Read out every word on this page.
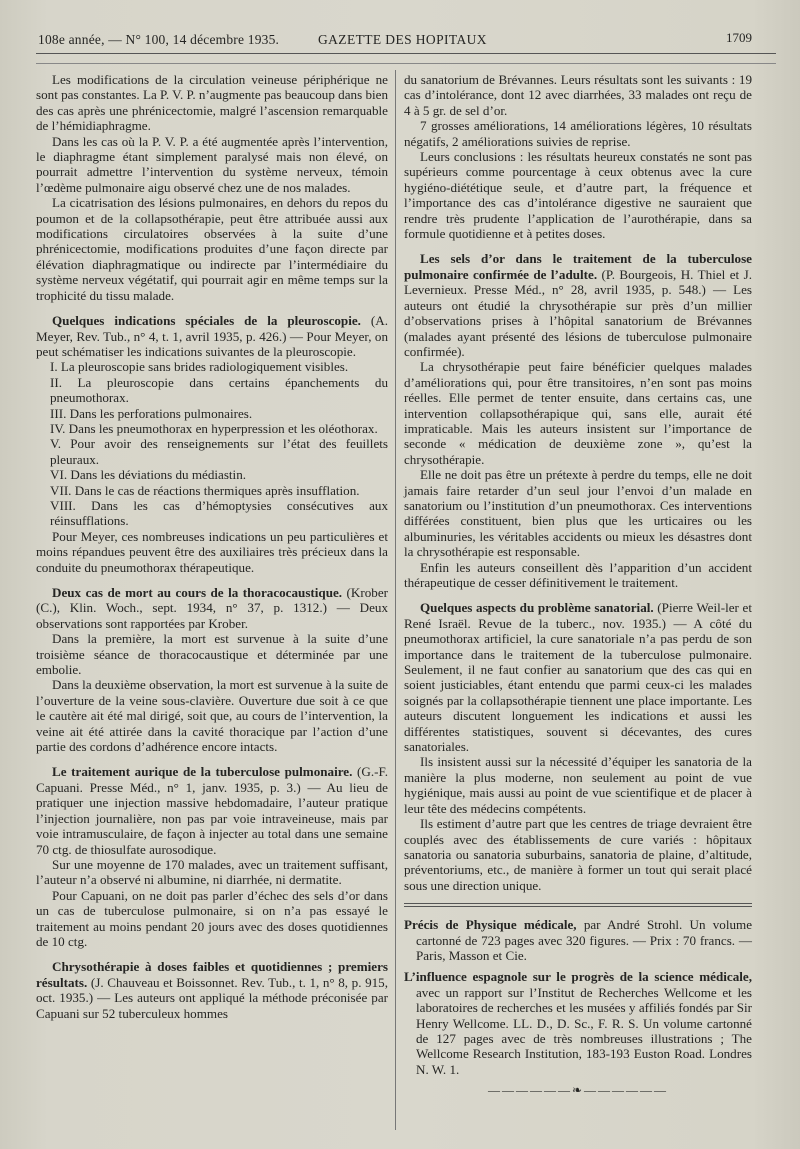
108e année, — N° 100, 14 décembre 1935.	GAZETTE DES HOPITAUX	1709

Les modifications de la circulation veineuse périphérique ne sont pas constantes. La P. V. P. n’augmente pas beaucoup dans bien des cas après une phrénicectomie, malgré l’ascension remarquable de l’hémidiaphragme.

Dans les cas où la P. V. P. a été augmentée après l’intervention, le diaphragme étant simplement paralysé mais non élevé, on pourrait admettre l’intervention du système nerveux, témoin l’œdème pulmonaire aigu observé chez une de nos malades.

La cicatrisation des lésions pulmonaires, en dehors du repos du poumon et de la collapsothérapie, peut être attribuée aussi aux modifications circulatoires observées à la suite d’une phrénicectomie, modifications produites d’une façon directe par élévation diaphragmatique ou indirecte par l’intermédiaire du système nerveux végétatif, qui pourrait agir en même temps sur la trophicité du tissu malade.

Quelques indications spéciales de la pleuroscopie. (A. Meyer, Rev. Tub., n° 4, t. 1, avril 1935, p. 426.) — Pour Meyer, on peut schématiser les indications suivantes de la pleuroscopie.

I. La pleuroscopie sans brides radiologiquement visibles.

II. La pleuroscopie dans certains épanchements du pneumothorax.

III. Dans les perforations pulmonaires.

IV. Dans les pneumothorax en hyperpression et les oléothorax.

V. Pour avoir des renseignements sur l’état des feuillets pleuraux.

VI. Dans les déviations du médiastin.

VII. Dans le cas de réactions thermiques après insufflation.

VIII. Dans les cas d’hémoptysies consécutives aux réinsufflations.

Pour Meyer, ces nombreuses indications un peu particulières et moins répandues peuvent être des auxiliaires très précieux dans la conduite du pneumothorax thérapeutique.

Deux cas de mort au cours de la thoracocaustique. (Krober (C.), Klin. Woch., sept. 1934, n° 37, p. 1312.) — Deux observations sont rapportées par Krober.

Dans la première, la mort est survenue à la suite d’une troisième séance de thoracocaustique et déterminée par une embolie.

Dans la deuxième observation, la mort est survenue à la suite de l’ouverture de la veine sous-clavière. Ouverture due soit à ce que le cautère ait été mal dirigé, soit que, au cours de l’intervention, la veine ait été attirée dans la cavité thoracique par l’action d’une partie des cordons d’adhérence encore intacts.

Le traitement aurique de la tuberculose pulmonaire. (G.-F. Capuani. Presse Méd., n° 1, janv. 1935, p. 3.) — Au lieu de pratiquer une injection massive hebdomadaire, l’auteur pratique l’injection journalière, non pas par voie intraveineuse, mais par voie intramusculaire, de façon à injecter au total dans une semaine 70 ctg. de thiosulfate aurosodique.

Sur une moyenne de 170 malades, avec un traitement suffisant, l’auteur n’a observé ni albumine, ni diarrhée, ni dermatite.

Pour Capuani, on ne doit pas parler d’échec des sels d’or dans un cas de tuberculose pulmonaire, si on n’a pas essayé le traitement au moins pendant 20 jours avec des doses quotidiennes de 10 ctg.

Chrysothérapie à doses faibles et quotidiennes ; premiers résultats. (J. Chauveau et Boissonnet. Rev. Tub., t. 1, n° 8, p. 915, oct. 1935.) — Les auteurs ont appliqué la méthode préconisée par Capuani sur 52 tuberculeux hommes

du sanatorium de Brévannes. Leurs résultats sont les suivants : 19 cas d’intolérance, dont 12 avec diarrhées, 33 malades ont reçu de 4 à 5 gr. de sel d’or.

7 grosses améliorations, 14 améliorations légères, 10 résultats négatifs, 2 améliorations suivies de reprise.

Leurs conclusions : les résultats heureux constatés ne sont pas supérieurs comme pourcentage à ceux obtenus avec la cure hygiéno-diététique seule, et d’autre part, la fréquence et l’importance des cas d’intolérance digestive ne sauraient que rendre très prudente l’application de l’aurothérapie, dans sa formule quotidienne et à petites doses.

Les sels d’or dans le traitement de la tuberculose pulmonaire confirmée de l’adulte. (P. Bourgeois, H. Thiel et J. Levernieux. Presse Méd., n° 28, avril 1935, p. 548.) — Les auteurs ont étudié la chrysothérapie sur près d’un millier d’observations prises à l’hôpital sanatorium de Brévannes (malades ayant présenté des lésions de tuberculose pulmonaire confirmée).

La chrysothérapie peut faire bénéficier quelques malades d’améliorations qui, pour être transitoires, n’en sont pas moins réelles. Elle permet de tenter ensuite, dans certains cas, une intervention collapsothérapique qui, sans elle, aurait été impraticable. Mais les auteurs insistent sur l’importance de seconde « médication de deuxième zone », qu’est la chrysothérapie.

Elle ne doit pas être un prétexte à perdre du temps, elle ne doit jamais faire retarder d’un seul jour l’envoi d’un malade en sanatorium ou l’institution d’un pneumothorax. Ces interventions différées constituent, bien plus que les urticaires ou les albuminuries, les véritables accidents ou mieux les désastres dont la chrysothérapie est responsable.

Enfin les auteurs conseillent dès l’apparition d’un accident thérapeutique de cesser définitivement le traitement.

Quelques aspects du problème sanatorial. (Pierre Weil-ler et René Israël. Revue de la tuberc., nov. 1935.) — A côté du pneumothorax artificiel, la cure sanatoriale n’a pas perdu de son importance dans le traitement de la tuberculose pulmonaire. Seulement, il ne faut confier au sanatorium que des cas qui en soient justiciables, étant entendu que parmi ceux-ci les malades soignés par la collapsothérapie tiennent une place importante. Les auteurs discutent longuement les indications et aussi les différentes statistiques, souvent si décevantes, des cures sanatoriales.

Ils insistent aussi sur la nécessité d’équiper les sanatoria de la manière la plus moderne, non seulement au point de vue hygiénique, mais aussi au point de vue scientifique et de placer à leur tête des médecins compétents.

Ils estiment d’autre part que les centres de triage devraient être couplés avec des établissements de cure variés : hôpitaux sanatoria ou sanatoria suburbains, sanatoria de plaine, d’altitude, préventoriums, etc., de manière à former un tout qui serait placé sous une direction unique.

Précis de Physique médicale, par André Strohl. Un volume cartonné de 723 pages avec 320 figures. — Prix : 70 francs. — Paris, Masson et Cie.

L’influence espagnole sur le progrès de la science médicale, avec un rapport sur l’Institut de Recherches Wellcome et les laboratoires de recherches et les musées y affiliés fondés par Sir Henry Wellcome. LL. D., D. Sc., F. R. S. Un volume cartonné de 127 pages avec de très nombreuses illustrations ; The Wellcome Research Institution, 183-193 Euston Road. Londres N. W. 1.

——————❧——————
